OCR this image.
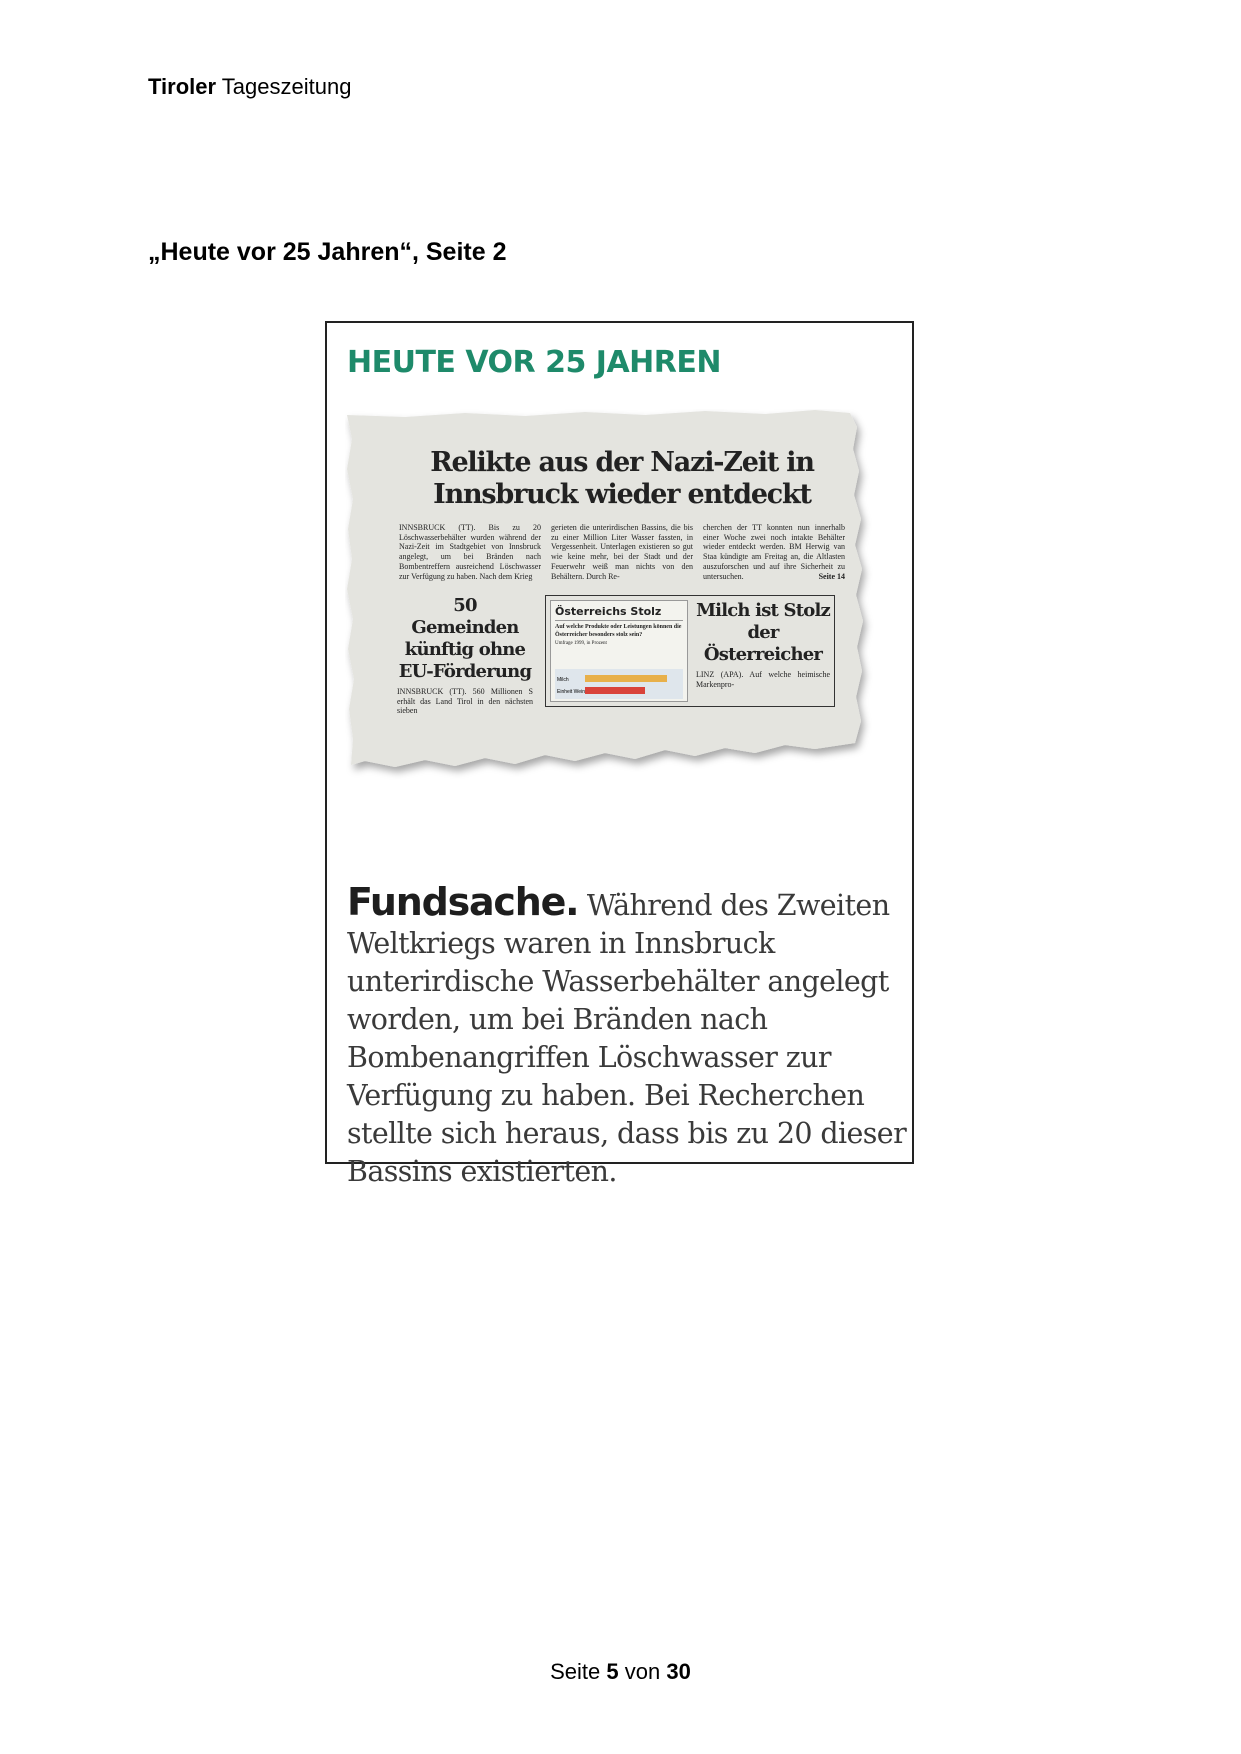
Tiroler Tageszeitung
„Heute vor 25 Jahren“, Seite 2
HEUTE VOR 25 JAHREN
Relikte aus der Nazi-Zeit in
Innsbruck wieder entdeckt
INNSBRUCK (TT). Bis zu 20 Löschwasserbehälter wurden während der Nazi-Zeit im Stadtgebiet von Innsbruck angelegt, um bei Bränden nach Bombentreffern ausreichend Löschwasser zur Verfügung zu haben. Nach dem Krieg
gerieten die unterirdischen Bassins, die bis zu einer Million Liter Wasser fassten, in Vergessenheit. Unterlagen existieren so gut wie keine mehr, bei der Stadt und der Feuerwehr weiß man nichts von den Behältern. Durch Re-
cherchen der TT konnten nun innerhalb einer Woche zwei noch intakte Behälter wieder entdeckt werden. BM Herwig van Staa kündigte am Freitag an, die Altlasten auszuforschen und auf ihre Sicherheit zu untersuchen.	Seite 14
50 Gemeinden künftig ohne EU-Förderung
INNSBRUCK (TT). 560 Millionen S erhält das Land Tirol in den nächsten sieben
Österreichs Stolz
Auf welche Produkte oder Leistungen können die Österreicher besonders stolz sein?
Umfrage 1999, in Prozent
Milch
Einheit Wein
Milch ist Stolz der Österreicher
LINZ (APA). Auf welche heimische Markenpro-
Fundsache. Während des Zweiten Weltkriegs waren in Innsbruck unterirdische Wasserbehälter angelegt worden, um bei Bränden nach Bombenangriffen Löschwasser zur Verfügung zu haben. Bei Recherchen stellte sich heraus, dass bis zu 20 dieser Bassins existierten.
Seite 5 von 30
